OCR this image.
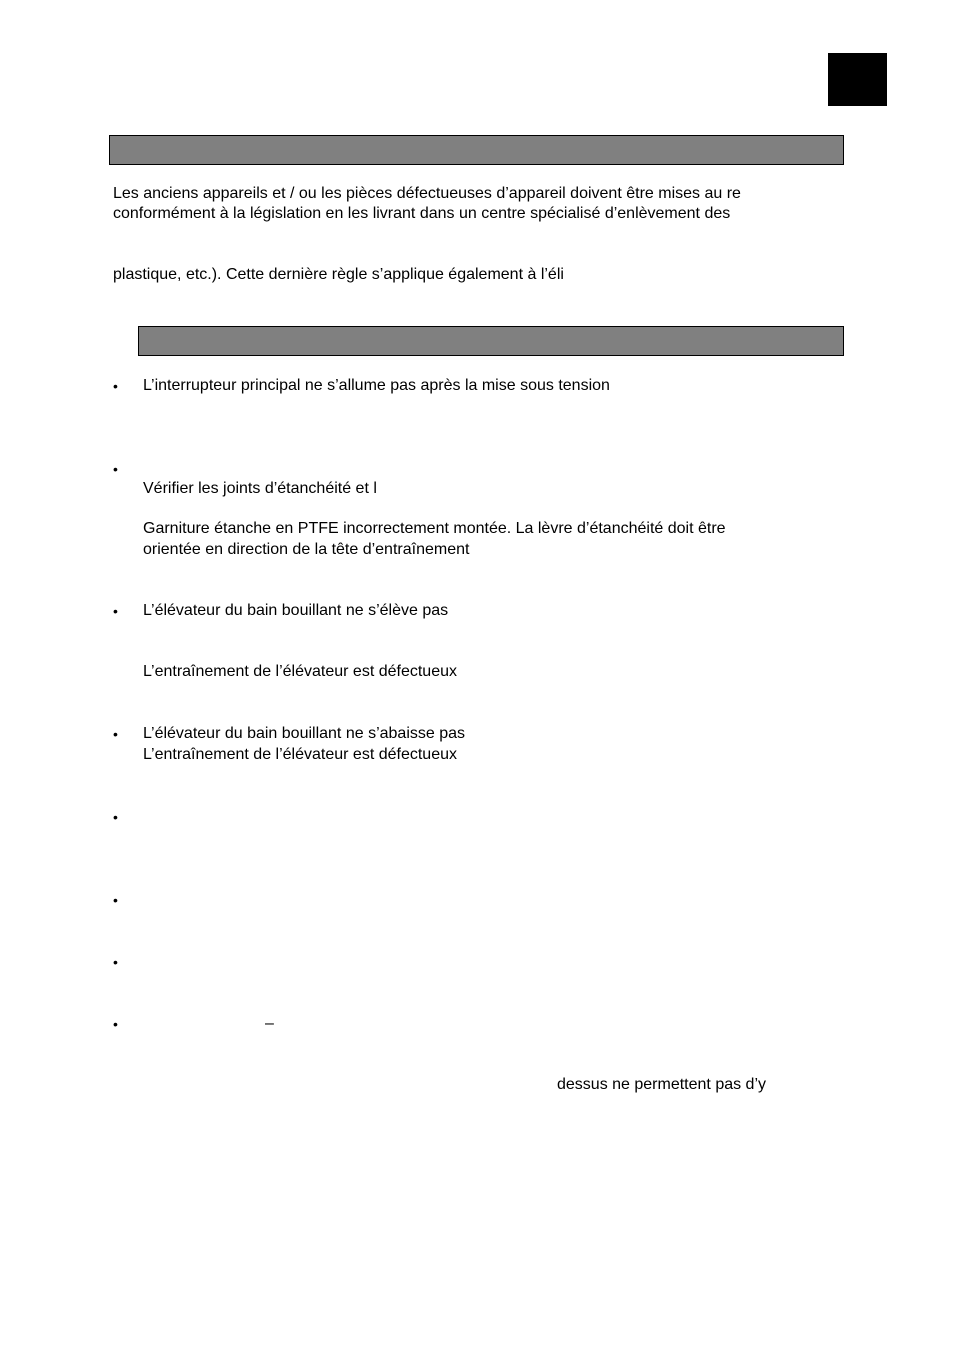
Les anciens appareils et / ou les pièces défectueuses d’appareil doivent être mises au re
conformément à la législation en les livrant dans un centre spécialisé d’enlèvement des
plastique, etc.). Cette dernière règle s’applique également à l’éli
• L’interrupteur principal ne s’allume pas après la mise sous tension
•
Vérifier les joints d’étanchéité et l
Garniture étanche en PTFE incorrectement montée. La lèvre d’étanchéité doit être
orientée en direction de la tête d’entraînement
• L’élévateur du bain bouillant ne s’élève pas
L’entraînement de l’élévateur est défectueux
• L’élévateur du bain bouillant ne s’abaisse pas
L’entraînement de l’élévateur est défectueux
•
•
•
•	–
dessus ne permettent pas d’y
